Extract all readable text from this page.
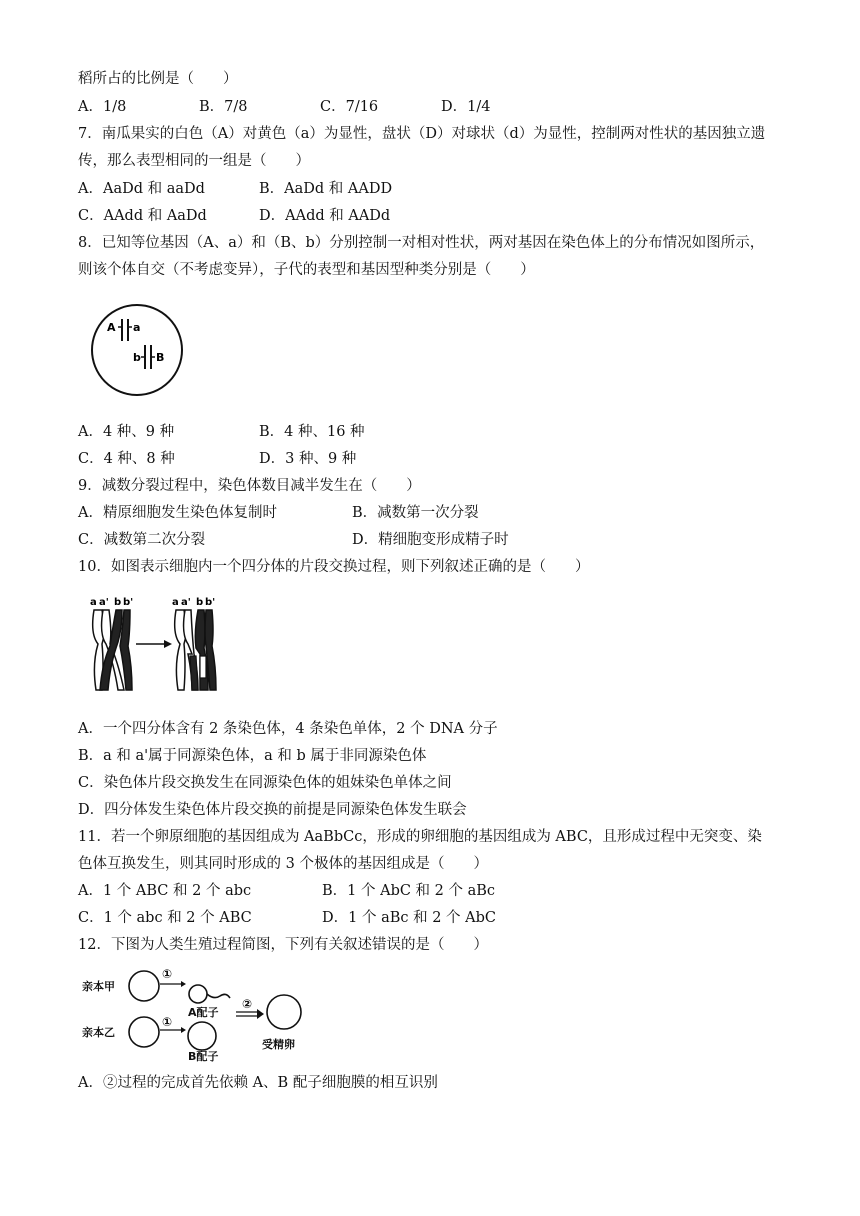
稻所占的比例是（　　）
A．1/8	B．7/8	C．7/16	D．1/4
7．南瓜果实的白色（A）对黄色（a）为显性，盘状（D）对球状（d）为显性，控制两对性状的基因独立遗
传，那么表型相同的一组是（　　）
A．AaDd 和 aaDd	B．AaDd 和 AADD
C．AAdd 和 AaDd	D．AAdd 和 AADd
8．已知等位基因（A、a）和（B、b）分别控制一对相对性状，两对基因在染色体上的分布情况如图所示，
则该个体自交（不考虑变异），子代的表型和基因型种类分别是（　　）
A a
b B
A．4 种、9 种	B．4 种、16 种
C．4 种、8 种	D．3 种、9 种
9．减数分裂过程中，染色体数目减半发生在（　　）
A．精原细胞发生染色体复制时	B．减数第一次分裂
C．减数第二次分裂	D．精细胞变形成精子时
10．如图表示细胞内一个四分体的片段交换过程，则下列叙述正确的是（　　）
a a' b b'	a a' b b'
A．一个四分体含有 2 条染色体，4 条染色单体，2 个 DNA 分子
B．a 和 a'属于同源染色体，a 和 b 属于非同源染色体
C．染色体片段交换发生在同源染色体的姐妹染色单体之间
D．四分体发生染色体片段交换的前提是同源染色体发生联会
11．若一个卵原细胞的基因组成为 AaBbCc，形成的卵细胞的基因组成为 ABC，且形成过程中无突变、染
色体互换发生，则其同时形成的 3 个极体的基因组成是（　　）
A．1 个 ABC 和 2 个 abc	B．1 个 AbC 和 2 个 aBc
C．1 个 abc 和 2 个 ABC	D．1 个 aBc 和 2 个 AbC
12．下图为人类生殖过程简图，下列有关叙述错误的是（　　）
亲本甲
亲本乙
①
①
②
A配子
B配子
受精卵
A．②过程的完成首先依赖 A、B 配子细胞膜的相互识别
